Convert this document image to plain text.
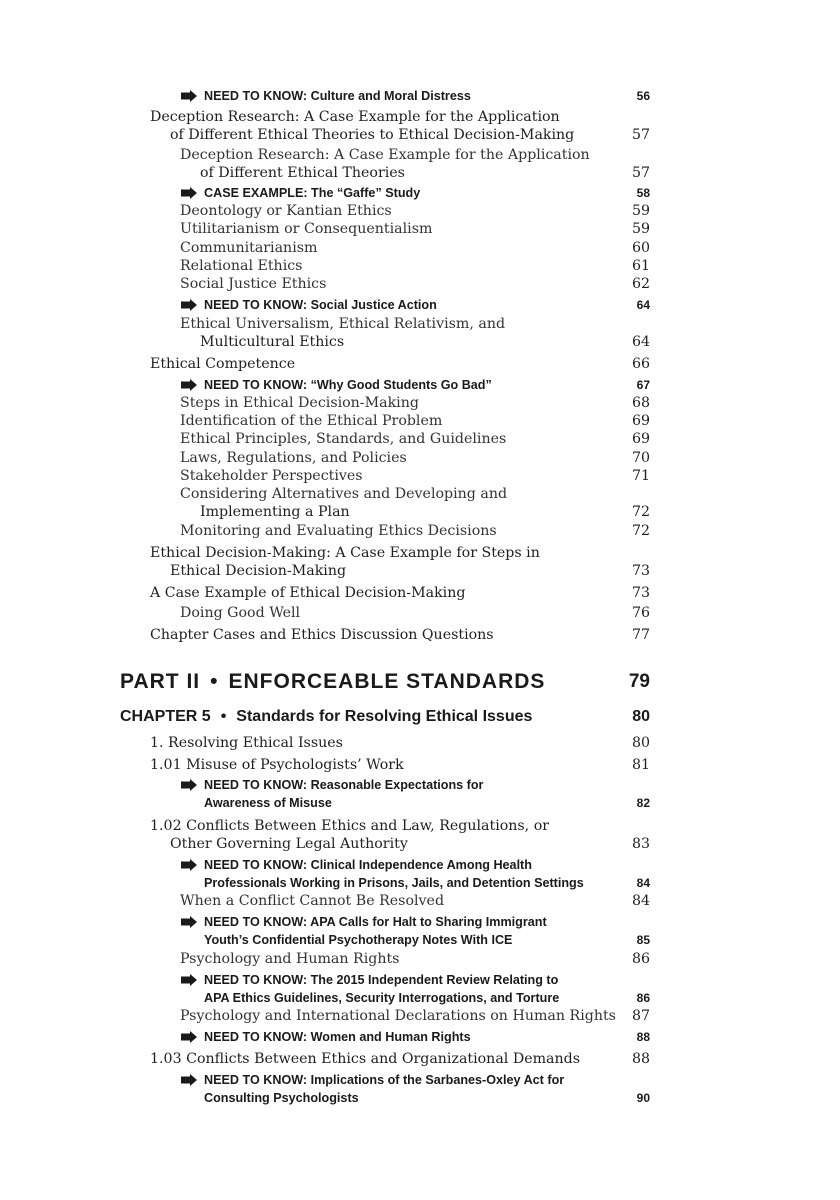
NEED TO KNOW: Culture and Moral Distress	56
Deception Research: A Case Example for the Application
of Different Ethical Theories to Ethical Decision-Making	57
Deception Research: A Case Example for the Application
of Different Ethical Theories	57
CASE EXAMPLE: The “Gaffe” Study	58
Deontology or Kantian Ethics	59
Utilitarianism or Consequentialism	59
Communitarianism	60
Relational Ethics	61
Social Justice Ethics	62
NEED TO KNOW: Social Justice Action	64
Ethical Universalism, Ethical Relativism, and
Multicultural Ethics	64
Ethical Competence	66
NEED TO KNOW: “Why Good Students Go Bad”	67
Steps in Ethical Decision-Making	68
Identification of the Ethical Problem	69
Ethical Principles, Standards, and Guidelines	69
Laws, Regulations, and Policies	70
Stakeholder Perspectives	71
Considering Alternatives and Developing and
Implementing a Plan	72
Monitoring and Evaluating Ethics Decisions	72
Ethical Decision-Making: A Case Example for Steps in
Ethical Decision-Making	73
A Case Example of Ethical Decision-Making	73
Doing Good Well	76
Chapter Cases and Ethics Discussion Questions	77
PART II • ENFORCEABLE STANDARDS	79
CHAPTER 5 • Standards for Resolving Ethical Issues	80
1. Resolving Ethical Issues	80
1.01 Misuse of Psychologists’ Work	81
NEED TO KNOW: Reasonable Expectations for
Awareness of Misuse	82
1.02 Conflicts Between Ethics and Law, Regulations, or
Other Governing Legal Authority	83
NEED TO KNOW: Clinical Independence Among Health
Professionals Working in Prisons, Jails, and Detention Settings	84
When a Conflict Cannot Be Resolved	84
NEED TO KNOW: APA Calls for Halt to Sharing Immigrant
Youth’s Confidential Psychotherapy Notes With ICE	85
Psychology and Human Rights	86
NEED TO KNOW: The 2015 Independent Review Relating to
APA Ethics Guidelines, Security Interrogations, and Torture	86
Psychology and International Declarations on Human Rights 87
NEED TO KNOW: Women and Human Rights	88
1.03 Conflicts Between Ethics and Organizational Demands	88
NEED TO KNOW: Implications of the Sarbanes-Oxley Act for
Consulting Psychologists	90
